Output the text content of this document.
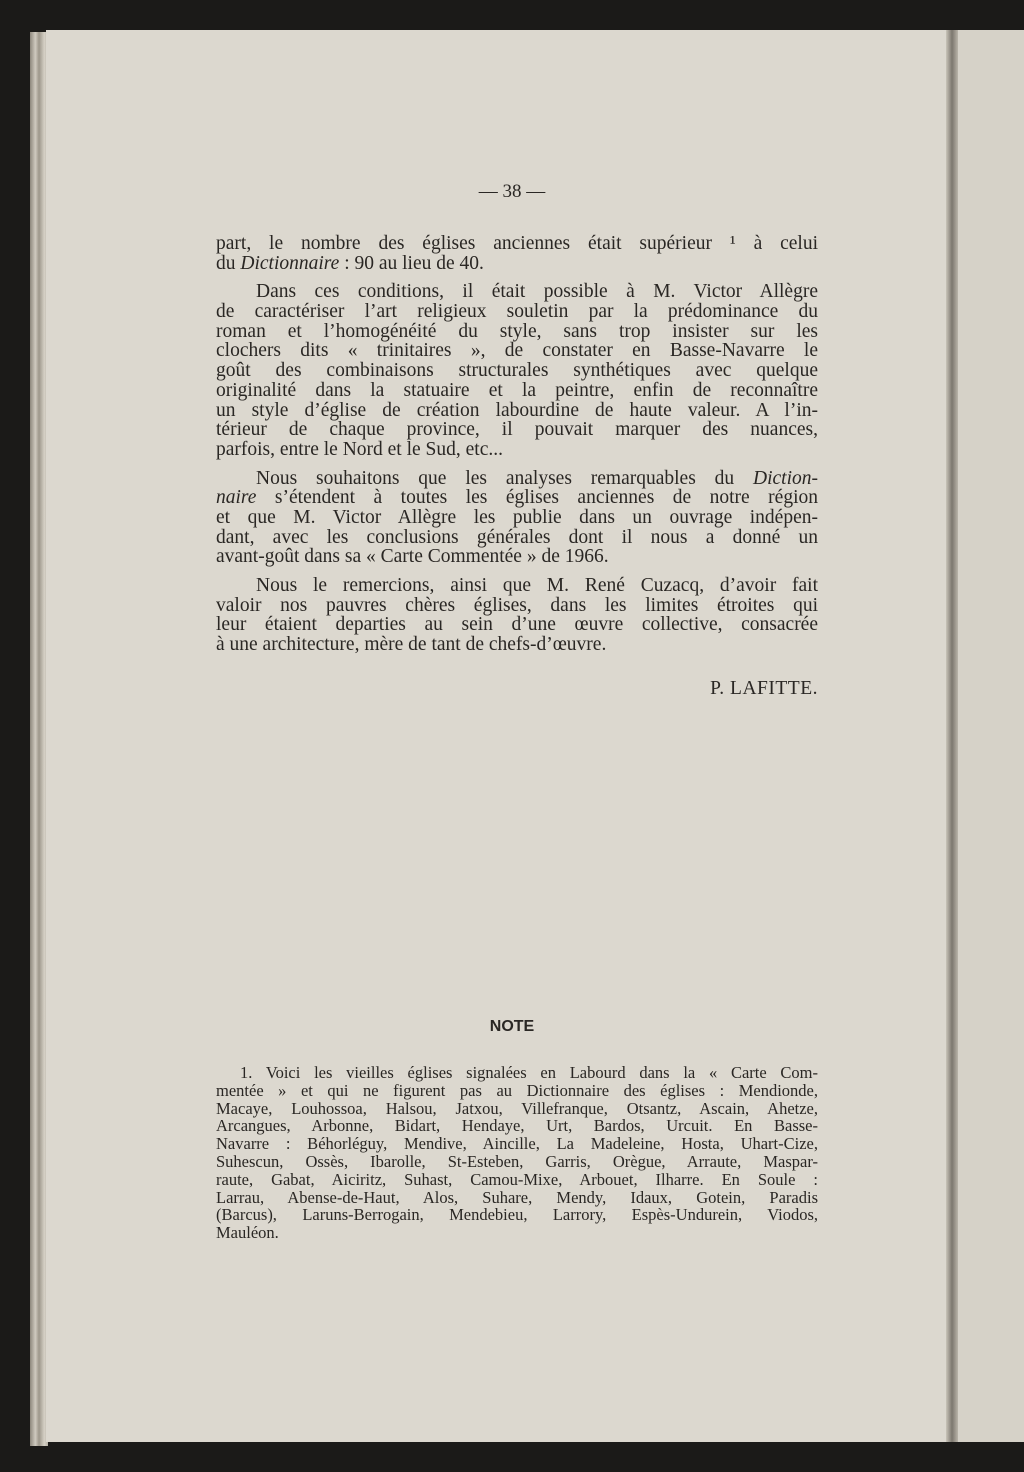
— 38 —
part, le nombre des églises anciennes était supérieur ¹ à celui
du Dictionnaire : 90 au lieu de 40.
Dans ces conditions, il était possible à M. Victor Allègre
de caractériser l’art religieux souletin par la prédominance du
roman et l’homogénéité du style, sans trop insister sur les
clochers dits « trinitaires », de constater en Basse-Navarre le
goût des combinaisons structurales synthétiques avec quelque
originalité dans la statuaire et la peintre, enfin de reconnaître
un style d’église de création labourdine de haute valeur. A l’in-
térieur de chaque province, il pouvait marquer des nuances,
parfois, entre le Nord et le Sud, etc...
Nous souhaitons que les analyses remarquables du Diction-
naire s’étendent à toutes les églises anciennes de notre région
et que M. Victor Allègre les publie dans un ouvrage indépen-
dant, avec les conclusions générales dont il nous a donné un
avant-goût dans sa « Carte Commentée » de 1966.
Nous le remercions, ainsi que M. René Cuzacq, d’avoir fait
valoir nos pauvres chères églises, dans les limites étroites qui
leur étaient departies au sein d’une œuvre collective, consacrée
à une architecture, mère de tant de chefs-d’œuvre.
P. LAFITTE.
NOTE
1. Voici les vieilles églises signalées en Labourd dans la « Carte Com-
mentée » et qui ne figurent pas au Dictionnaire des églises : Mendionde,
Macaye, Louhossoa, Halsou, Jatxou, Villefranque, Otsantz, Ascain, Ahetze,
Arcangues, Arbonne, Bidart, Hendaye, Urt, Bardos, Urcuit. En Basse-
Navarre : Béhorléguy, Mendive, Aincille, La Madeleine, Hosta, Uhart-Cize,
Suhescun, Ossès, Ibarolle, St-Esteben, Garris, Orègue, Arraute, Maspar-
raute, Gabat, Aiciritz, Suhast, Camou-Mixe, Arbouet, Ilharre. En Soule :
Larrau, Abense-de-Haut, Alos, Suhare, Mendy, Idaux, Gotein, Paradis
(Barcus), Laruns-Berrogain, Mendebieu, Larrory, Espès-Undurein, Viodos,
Mauléon.
